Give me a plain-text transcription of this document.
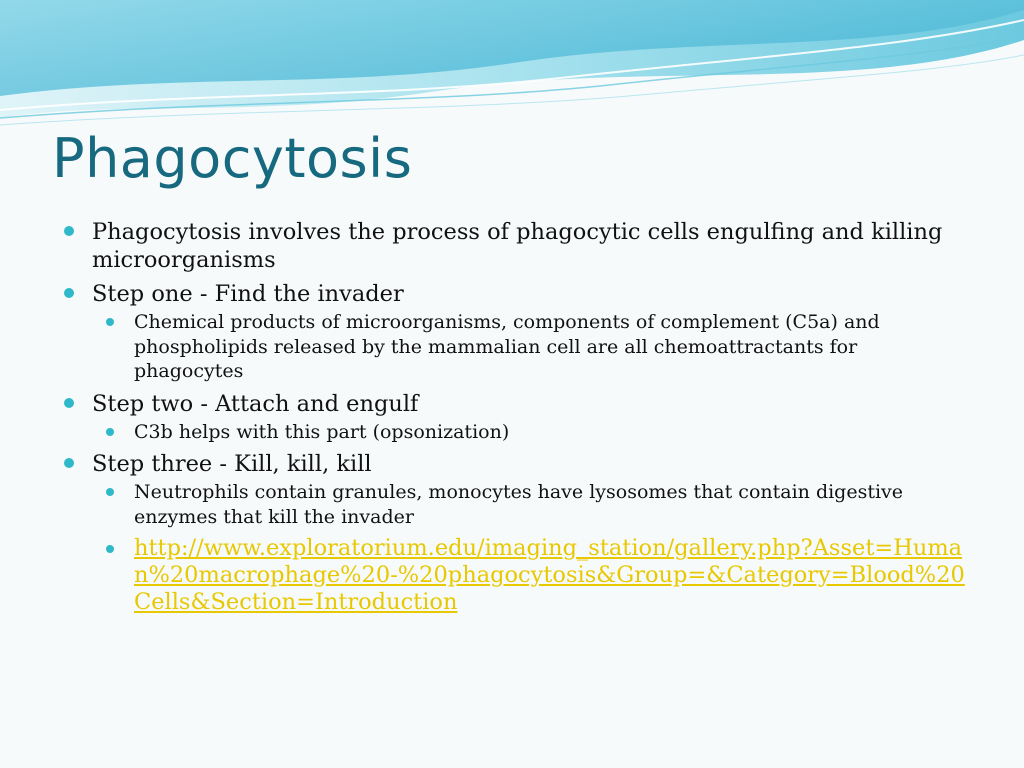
Phagocytosis
Phagocytosis involves the process of phagocytic cells engulfing and killing microorganisms
Step one - Find the invader
Chemical products of microorganisms, components of complement (C5a) and phospholipids released by the mammalian cell are all chemoattractants for phagocytes
Step two - Attach and engulf
C3b helps with this part (opsonization)
Step three - Kill, kill, kill
Neutrophils contain granules, monocytes have lysosomes that contain digestive enzymes that kill the invader
http://www.exploratorium.edu/imaging_station/gallery.php?Asset=Human%20macrophage%20-%20phagocytosis&Group=&Category=Blood%20Cells&Section=Introduction
